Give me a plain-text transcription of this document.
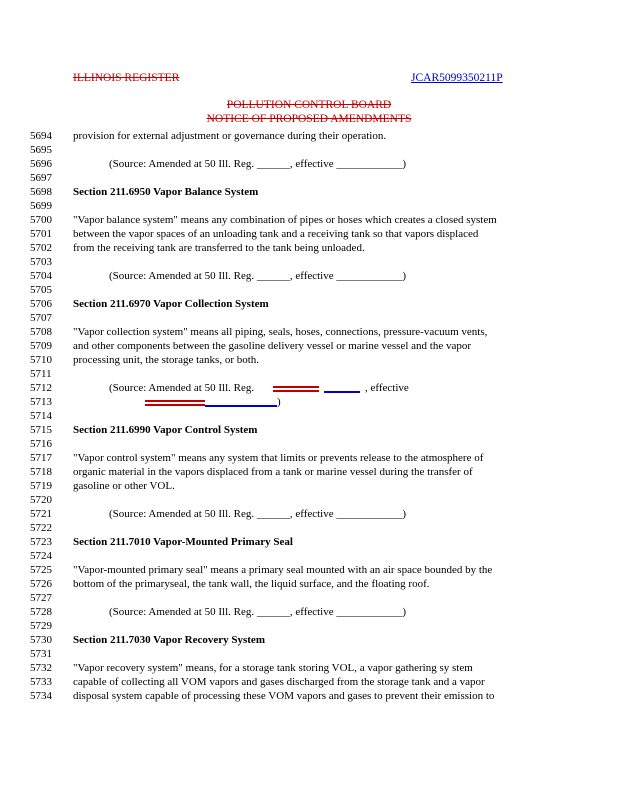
ILLINOIS REGISTER	JCAR5099350211P
POLLUTION CONTROL BOARD
NOTICE OF PROPOSED AMENDMENTS
5694	provision for external adjustment or governance during their operation.
5695
5696	(Source: Amended at 50 Ill. Reg. ______, effective ____________)
5697
5698	Section 211.6950 Vapor Balance System
5699
5700	"Vapor balance system" means any combination of pipes or hoses which creates a closed system
5701	between the vapor spaces of an unloading tank and a receiving tank so that vapors displaced
5702	from the receiving tank are transferred to the tank being unloaded.
5703
5704	(Source: Amended at 50 Ill. Reg. ______, effective ____________)
5705
5706	Section 211.6970 Vapor Collection System
5707
5708	"Vapor collection system" means all piping, seals, hoses, connections, pressure-vacuum vents,
5709	and other components between the gasoline delivery vessel or marine vessel and the vapor
5710	processing unit, the storage tanks, or both.
5711
5712	(Source: Amended at 50 Ill. Reg.	, effective
5713	)
5714
5715	Section 211.6990 Vapor Control System
5716
5717	"Vapor control system" means any system that limits or prevents release to the atmosphere of
5718	organic material in the vapors displaced from a tank or marine vessel during the transfer of
5719	gasoline or other VOL.
5720
5721	(Source: Amended at 50 Ill. Reg. ______, effective ____________)
5722
5723	Section 211.7010 Vapor-Mounted Primary Seal
5724
5725	"Vapor-mounted primary seal" means a primary seal mounted with an air space bounded by the
5726	bottom of the primaryseal, the tank wall, the liquid surface, and the floating roof.
5727
5728	(Source: Amended at 50 Ill. Reg. ______, effective ____________)
5729
5730	Section 211.7030 Vapor Recovery System
5731
5732	"Vapor recovery system" means, for a storage tank storing VOL, a vapor gathering sy stem
5733	capable of collecting all VOM vapors and gases discharged from the storage tank and a vapor
5734	disposal system capable of processing these VOM vapors and gases to prevent their emission to
